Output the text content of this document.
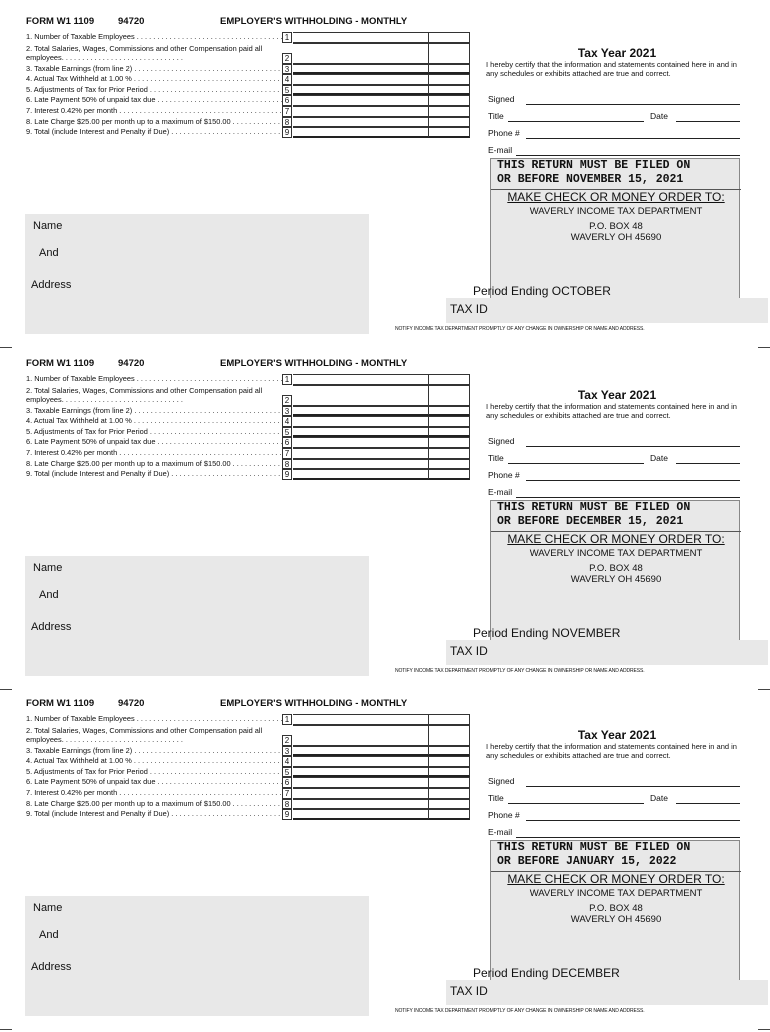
FORM W1 1109	94720	EMPLOYER'S WITHHOLDING - MONTHLY
1. Number of Taxable Employees . . .	1
2. Total Salaries, Wages, Commissions and other Compensation paid all employees. . . . . . . . . . . . . . . . . . . . . . . . . . . . . .	2
3. Taxable Earnings (from line 2) . . .	3
4. Actual Tax Withheld at 1.00 % . . .	4
5. Adjustments of Tax for Prior Period . . .	5
6. Late Payment 50% of unpaid tax due . . .	6
7. Interest 0.42% per month . . .	7
8. Late Charge $25.00 per month up to a maximum of $150.00 . . .	8
9. Total (include Interest and Penalty if Due) . . .	9
Name
And
Address
Tax Year 2021
I hereby certify that the information and statements contained here in and in any schedules or exhibits attached are true and correct.
Signed
Title	Date
Phone #
E-mail
THIS RETURN MUST BE FILED ON
OR BEFORE NOVEMBER 15, 2021
MAKE CHECK OR MONEY ORDER TO:
WAVERLY INCOME TAX DEPARTMENT
P.O. BOX 48
WAVERLY OH 45690
Period Ending OCTOBER
TAX ID
NOTIFY INCOME TAX DEPARTMENT PROMPTLY OF ANY CHANGE IN OWNERSHIP OR NAME AND ADDRESS.
FORM W1 1109	94720	EMPLOYER'S WITHHOLDING - MONTHLY
1. Number of Taxable Employees . . .	1
2. Total Salaries, Wages, Commissions and other Compensation paid all employees. . . . . . . . . . . . . . . . . . . . . . . . . . . . . .	2
3. Taxable Earnings (from line 2) . . .	3
4. Actual Tax Withheld at 1.00 % . . .	4
5. Adjustments of Tax for Prior Period . . .	5
6. Late Payment 50% of unpaid tax due . . .	6
7. Interest 0.42% per month . . .	7
8. Late Charge $25.00 per month up to a maximum of $150.00 . . .	8
9. Total (include Interest and Penalty if Due) . . .	9
Name
And
Address
Tax Year 2021
I hereby certify that the information and statements contained here in and in any schedules or exhibits attached are true and correct.
Signed
Title	Date
Phone #
E-mail
THIS RETURN MUST BE FILED ON
OR BEFORE DECEMBER 15, 2021
MAKE CHECK OR MONEY ORDER TO:
WAVERLY INCOME TAX DEPARTMENT
P.O. BOX 48
WAVERLY OH 45690
Period Ending NOVEMBER
TAX ID
NOTIFY INCOME TAX DEPARTMENT PROMPTLY OF ANY CHANGE IN OWNERSHIP OR NAME AND ADDRESS.
FORM W1 1109	94720	EMPLOYER'S WITHHOLDING - MONTHLY
1. Number of Taxable Employees . . .	1
2. Total Salaries, Wages, Commissions and other Compensation paid all employees. . . . . . . . . . . . . . . . . . . . . . . . . . . . . .	2
3. Taxable Earnings (from line 2) . . .	3
4. Actual Tax Withheld at 1.00 % . . .	4
5. Adjustments of Tax for Prior Period . . .	5
6. Late Payment 50% of unpaid tax due . . .	6
7. Interest 0.42% per month . . .	7
8. Late Charge $25.00 per month up to a maximum of $150.00 . . .	8
9. Total (include Interest and Penalty if Due) . . .	9
Name
And
Address
Tax Year 2021
I hereby certify that the information and statements contained here in and in any schedules or exhibits attached are true and correct.
Signed
Title	Date
Phone #
E-mail
THIS RETURN MUST BE FILED ON
OR BEFORE JANUARY 15, 2022
MAKE CHECK OR MONEY ORDER TO:
WAVERLY INCOME TAX DEPARTMENT
P.O. BOX 48
WAVERLY OH 45690
Period Ending DECEMBER
TAX ID
NOTIFY INCOME TAX DEPARTMENT PROMPTLY OF ANY CHANGE IN OWNERSHIP OR NAME AND ADDRESS.
